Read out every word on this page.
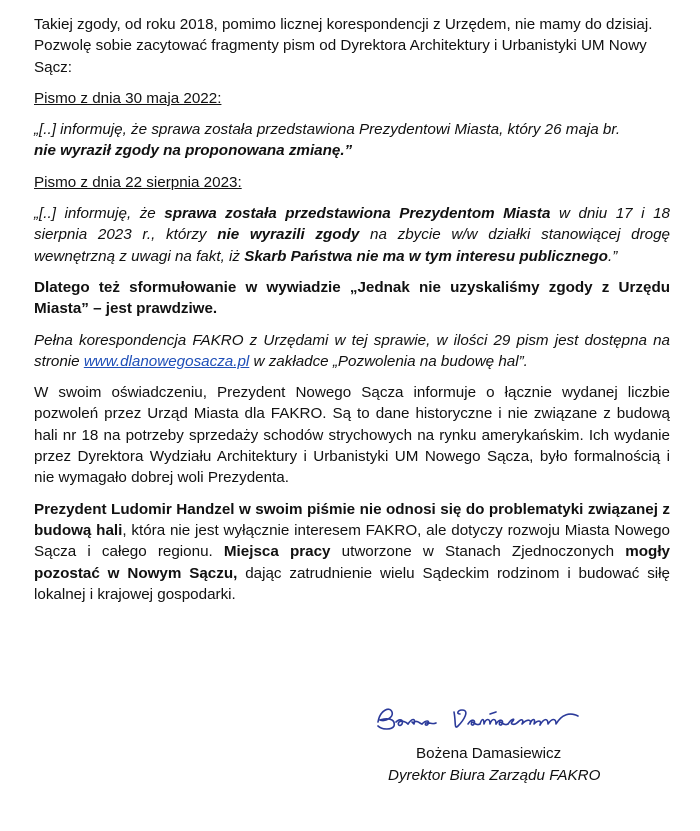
Takiej zgody, od roku 2018, pomimo licznej korespondencji z Urzędem, nie mamy do dzisiaj.

Pozwolę sobie zacytować fragmenty pism od Dyrektora Architektury i Urbanistyki UM Nowy Sącz:

Pismo z dnia 30 maja 2022:

„[..] informuję, że sprawa została przedstawiona Prezydentowi Miasta, który 26 maja br.
nie wyraził zgody na proponowana zmianę.”

Pismo z dnia 22 sierpnia 2023:

„[..] informuję, że sprawa została przedstawiona Prezydentom Miasta w dniu 17 i 18 sierpnia 2023 r., którzy nie wyrazili zgody na zbycie w/w działki stanowiącej drogę wewnętrzną z uwagi na fakt, iż Skarb Państwa nie ma w tym interesu publicznego.”

Dlatego też sformułowanie w wywiadzie „Jednak nie uzyskaliśmy zgody z Urzędu Miasta” – jest prawdziwe.

Pełna korespondencja FAKRO z Urzędami w tej sprawie, w ilości 29 pism jest dostępna na stronie www.dlanowegosacza.pl w zakładce „Pozwolenia na budowę hal”.

W swoim oświadczeniu, Prezydent Nowego Sącza informuje o łącznie wydanej liczbie pozwoleń przez Urząd Miasta dla FAKRO. Są to dane historyczne i nie związane z budową hali nr 18 na potrzeby sprzedaży schodów strychowych na rynku amerykańskim. Ich wydanie przez Dyrektora Wydziału Architektury i Urbanistyki UM Nowego Sącza, było formalnością i nie wymagało dobrej woli Prezydenta.

Prezydent Ludomir Handzel w swoim piśmie nie odnosi się do problematyki związanej z budową hali, która nie jest wyłącznie interesem FAKRO, ale dotyczy rozwoju Miasta Nowego Sącza i całego regionu. Miejsca pracy utworzone w Stanach Zjednoczonych mogły pozostać w Nowym Sączu, dając zatrudnienie wielu Sądeckim rodzinom i budować siłę lokalnej i krajowej gospodarki.

Bożena Damasiewicz
Dyrektor Biura Zarządu FAKRO
